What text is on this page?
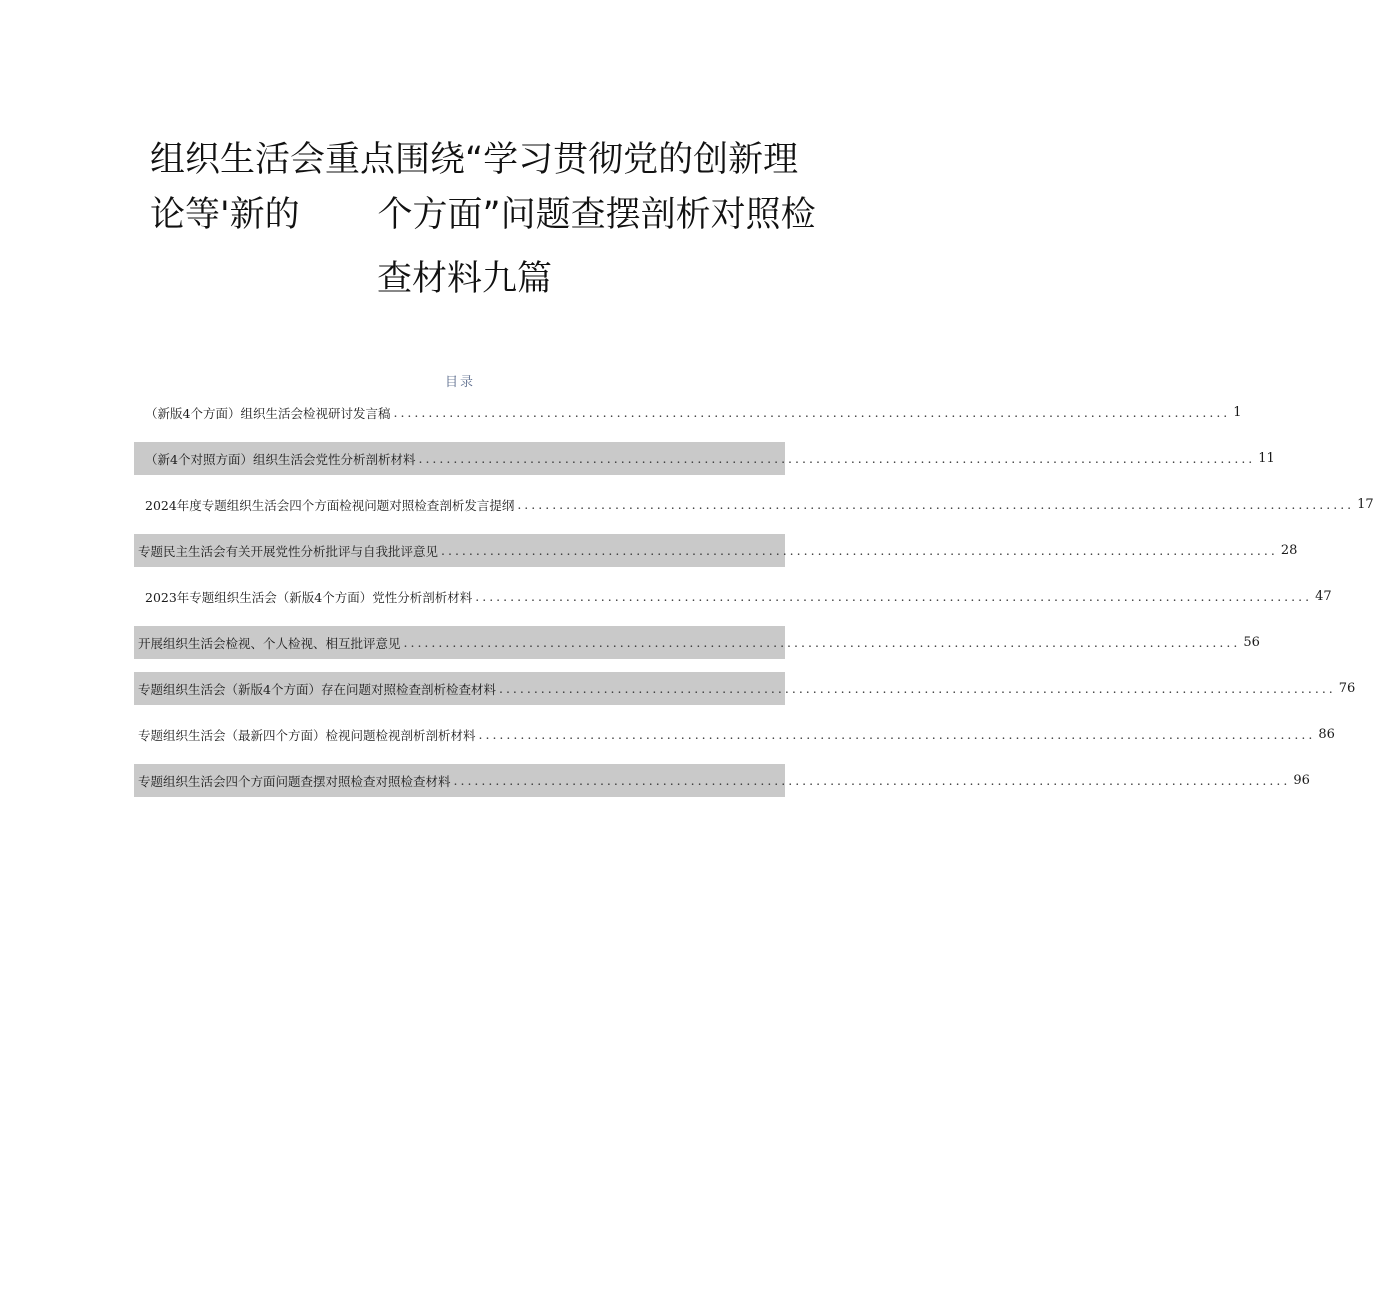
组织生活会重点围绕“学习贯彻党的创新理
论等'新的       个方面”问题查摆剖析对照检
查材料九篇
目录
（新版4个方面）组织生活会检视研讨发言稿 ........................................................................................................................ 1
（新4个对照方面）组织生活会党性分析剖析材料 ........................................................................................................................ 11
2024年度专题组织生活会四个方面检视问题对照检查剖析发言提纲 ........................................................................................................................ 17
专题民主生活会有关开展党性分析批评与自我批评意见 ........................................................................................................................ 28
2023年专题组织生活会（新版4个方面）党性分析剖析材料 ........................................................................................................................ 47
开展组织生活会检视、个人检视、相互批评意见 ........................................................................................................................ 56
专题组织生活会（新版4个方面）存在问题对照检查剖析检查材料 ........................................................................................................................ 76
专题组织生活会（最新四个方面）检视问题检视剖析剖析材料 ........................................................................................................................ 86
专题组织生活会四个方面问题查摆对照检查对照检查材料 ........................................................................................................................ 96
